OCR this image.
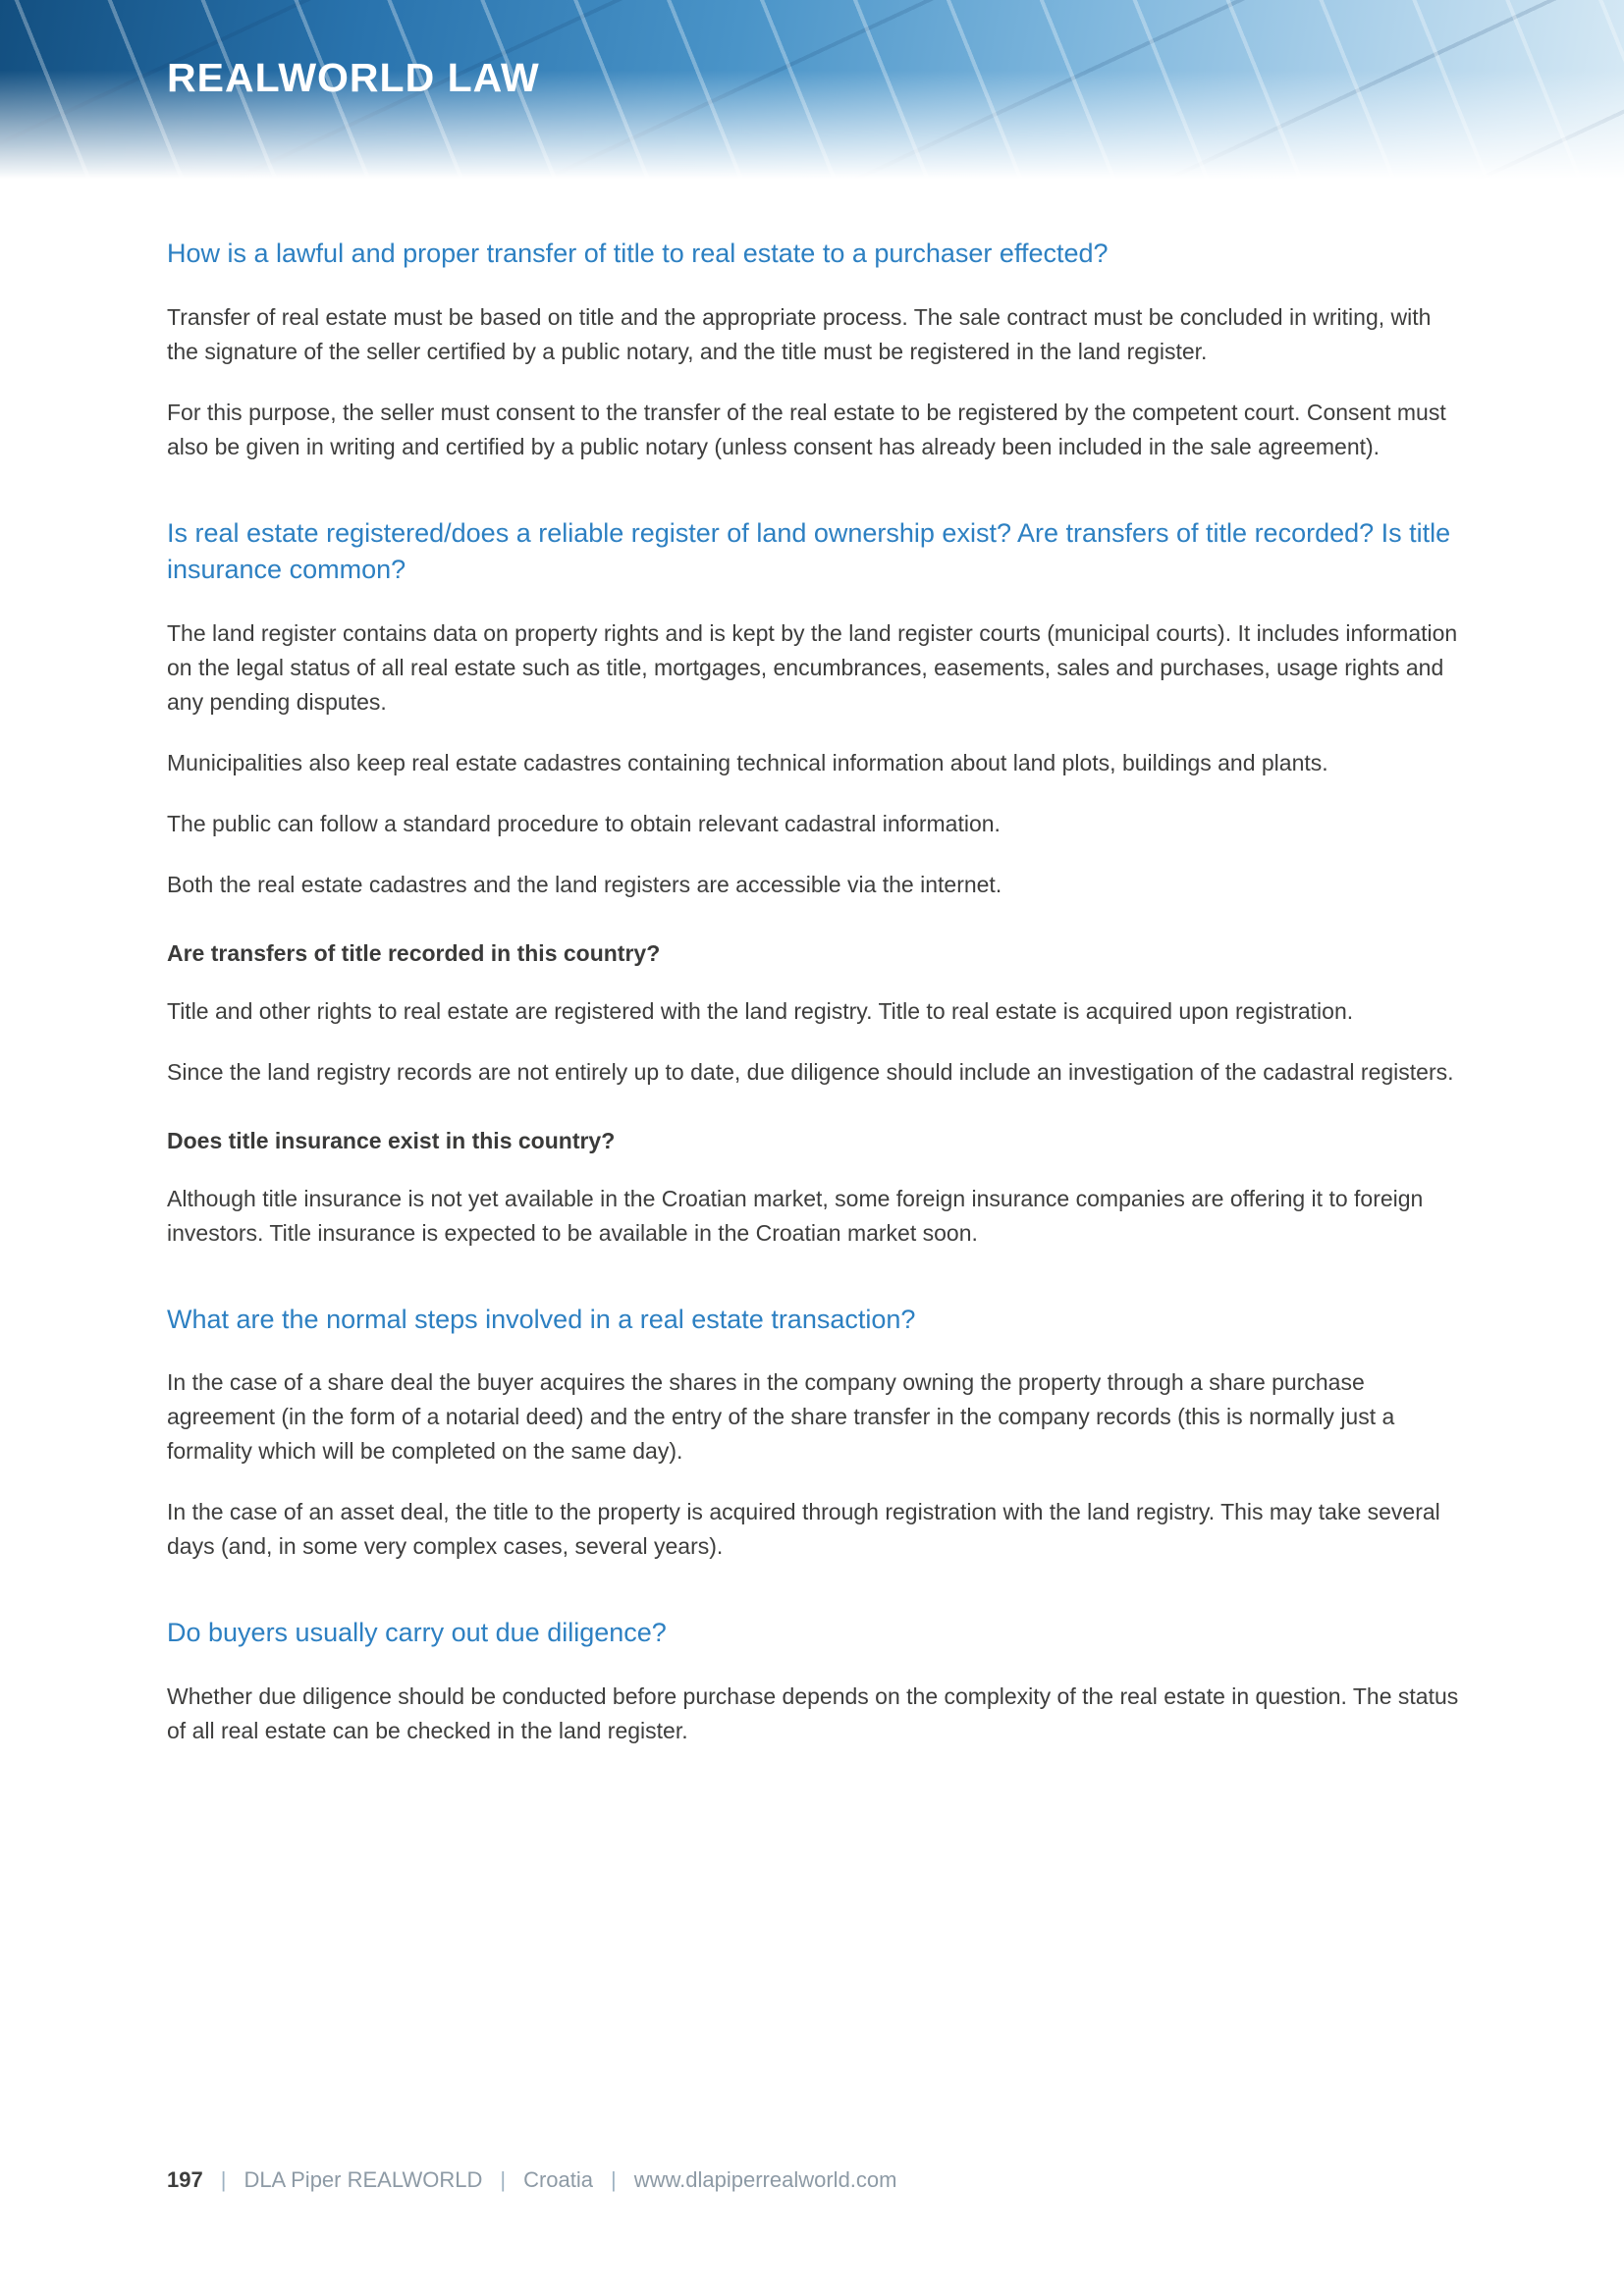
REALWORLD LAW
How is a lawful and proper transfer of title to real estate to a purchaser effected?

Transfer of real estate must be based on title and the appropriate process. The sale contract must be concluded in writing, with the signature of the seller certified by a public notary, and the title must be registered in the land register.

For this purpose, the seller must consent to the transfer of the real estate to be registered by the competent court. Consent must also be given in writing and certified by a public notary (unless consent has already been included in the sale agreement).

Is real estate registered/does a reliable register of land ownership exist? Are transfers of title recorded? Is title insurance common?

The land register contains data on property rights and is kept by the land register courts (municipal courts). It includes information on the legal status of all real estate such as title, mortgages, encumbrances, easements, sales and purchases, usage rights and any pending disputes.

Municipalities also keep real estate cadastres containing technical information about land plots, buildings and plants.

The public can follow a standard procedure to obtain relevant cadastral information.

Both the real estate cadastres and the land registers are accessible via the internet.

Are transfers of title recorded in this country?

Title and other rights to real estate are registered with the land registry. Title to real estate is acquired upon registration.

Since the land registry records are not entirely up to date, due diligence should include an investigation of the cadastral registers.

Does title insurance exist in this country?

Although title insurance is not yet available in the Croatian market, some foreign insurance companies are offering it to foreign investors. Title insurance is expected to be available in the Croatian market soon.

What are the normal steps involved in a real estate transaction?

In the case of a share deal the buyer acquires the shares in the company owning the property through a share purchase agreement (in the form of a notarial deed) and the entry of the share transfer in the company records (this is normally just a formality which will be completed on the same day).

In the case of an asset deal, the title to the property is acquired through registration with the land registry. This may take several days (and, in some very complex cases, several years).

Do buyers usually carry out due diligence?

Whether due diligence should be conducted before purchase depends on the complexity of the real estate in question. The status of all real estate can be checked in the land register.

197 | DLA Piper REALWORLD | Croatia | www.dlapiperrealworld.com
